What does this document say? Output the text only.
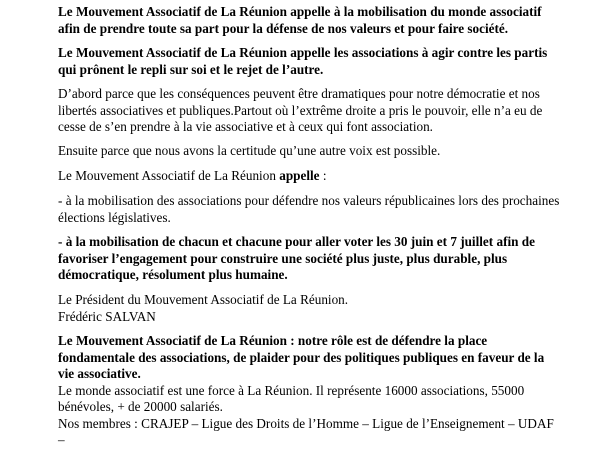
Le Mouvement Associatif de La Réunion appelle à la mobilisation du monde associatif afin de prendre toute sa part pour la défense de nos valeurs et pour faire société.

Le Mouvement Associatif de La Réunion appelle les associations à agir contre les partis qui prônent le repli sur soi et le rejet de l’autre.

D’abord parce que les conséquences peuvent être dramatiques pour notre démocratie et nos libertés associatives et publiques.Partout où l’extrême droite a pris le pouvoir, elle n’a eu de cesse de s’en prendre à la vie associative et à ceux qui font association.

Ensuite parce que nous avons la certitude qu’une autre voix est possible.

Le Mouvement Associatif de La Réunion appelle :

- à la mobilisation des associations pour défendre nos valeurs républicaines lors des prochaines élections législatives.

- à la mobilisation de chacun et chacune pour aller voter les 30 juin et 7 juillet afin de favoriser l’engagement pour construire une société plus juste, plus durable, plus démocratique, résolument plus humaine.

Le Président du Mouvement Associatif de La Réunion.

Frédéric SALVAN

Le Mouvement Associatif de La Réunion : notre rôle est de défendre la place fondamentale des associations, de plaider pour des politiques publiques en faveur de la vie associative.

Le monde associatif est une force à La Réunion. Il représente 16000 associations, 55000 bénévoles, + de 20000 salariés.

Nos membres : CRAJEP – Ligue des Droits de l’Homme – Ligue de l’Enseignement – UDAF –
